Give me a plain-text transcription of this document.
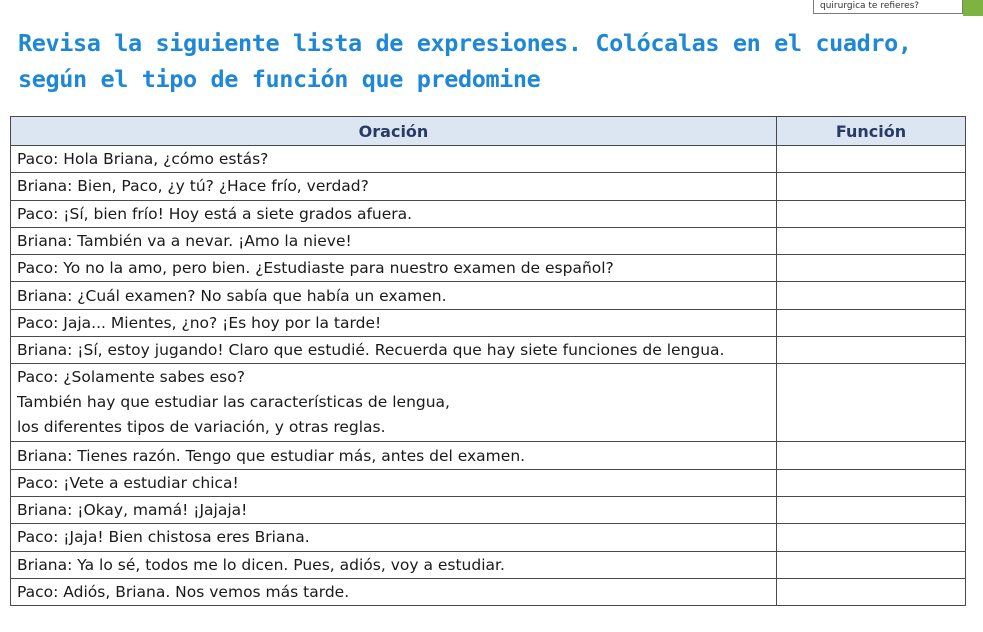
quirurgica te refieres?
Revisa la siguiente lista de expresiones. Colócalas en el cuadro, según el tipo de función que predomine
Oración	Función

Paco: Hola Briana, ¿cómo estás?	

Briana: Bien, Paco, ¿y tú? ¿Hace frío, verdad?	

Paco: ¡Sí, bien frío! Hoy está a siete grados afuera.	

Briana: También va a nevar. ¡Amo la nieve!	

Paco: Yo no la amo, pero bien. ¿Estudiaste para nuestro examen de español?	

Briana: ¿Cuál examen? No sabía que había un examen.	

Paco: Jaja... Mientes, ¿no? ¡Es hoy por la tarde!	

Briana: ¡Sí, estoy jugando! Claro que estudié. Recuerda que hay siete funciones de lengua.	

Paco: ¿Solamente sabes eso?
También hay que estudiar las características de lengua,
los diferentes tipos de variación, y otras reglas.	

Briana: Tienes razón. Tengo que estudiar más, antes del examen.	

Paco: ¡Vete a estudiar chica!	

Briana: ¡Okay, mamá! ¡Jajaja!	

Paco: ¡Jaja! Bien chistosa eres Briana.	

Briana: Ya lo sé, todos me lo dicen. Pues, adiós, voy a estudiar.	

Paco: Adiós, Briana. Nos vemos más tarde.	
